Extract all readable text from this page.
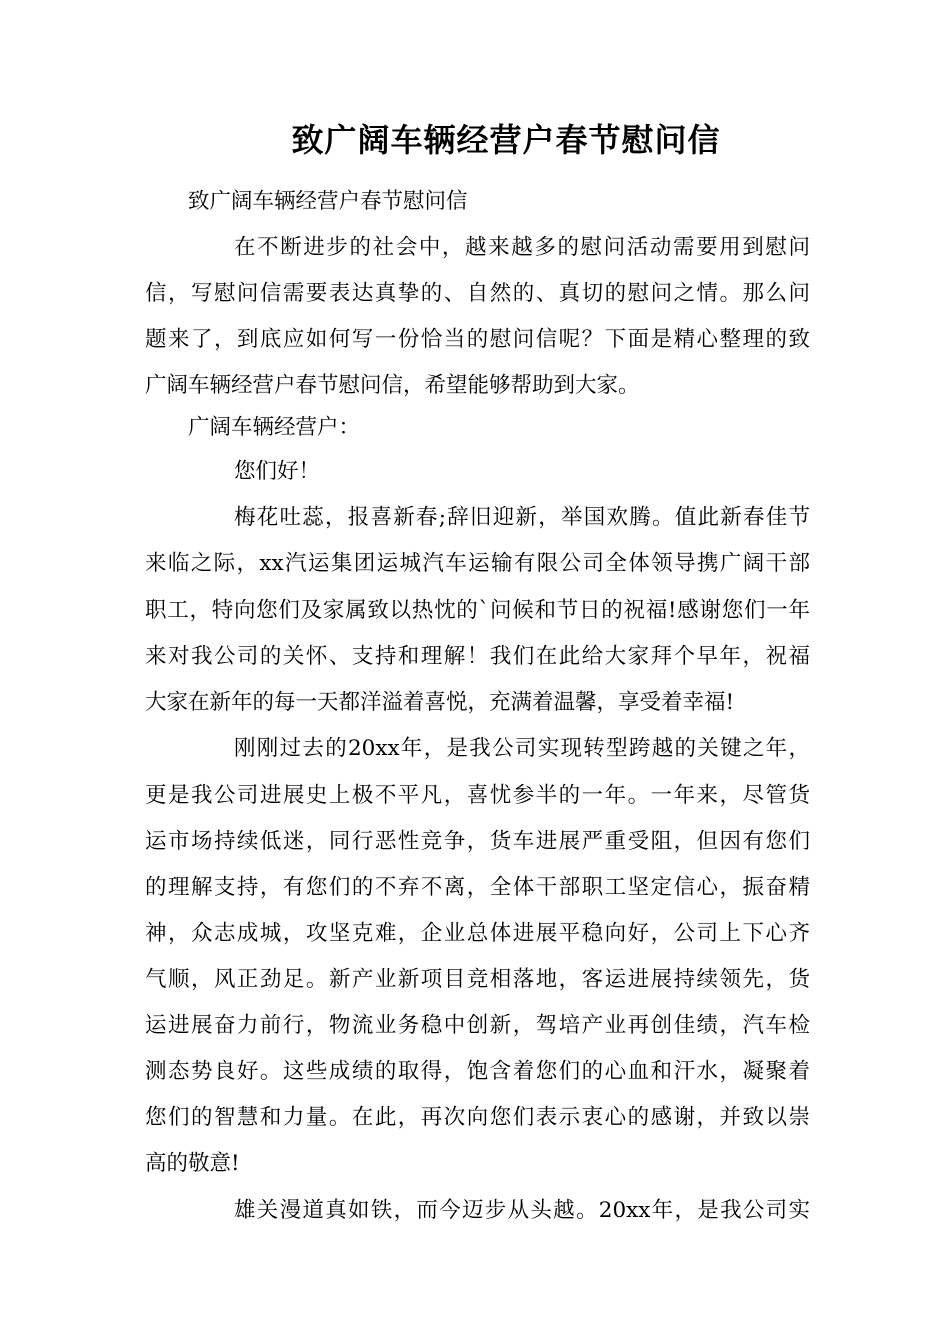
致广阔车辆经营户春节慰问信

致广阔车辆经营户春节慰问信

在不断进步的社会中，越来越多的慰问活动需要用到慰问

信，写慰问信需要表达真挚的、自然的、真切的慰问之情。那么问

题来了，到底应如何写一份恰当的慰问信呢？下面是精心整理的致

广阔车辆经营户春节慰问信，希望能够帮助到大家。

广阔车辆经营户：

您们好！

梅花吐蕊，报喜新春;辞旧迎新，举国欢腾。值此新春佳节

来临之际，xx汽运集团运城汽车运输有限公司全体领导携广阔干部

职工，特向您们及家属致以热忱的`问候和节日的祝福!感谢您们一年

来对我公司的关怀、支持和理解！我们在此给大家拜个早年，祝福

大家在新年的每一天都洋溢着喜悦，充满着温馨，享受着幸福!

刚刚过去的20xx年，是我公司实现转型跨越的关键之年，

更是我公司进展史上极不平凡，喜忧参半的一年。一年来，尽管货

运市场持续低迷，同行恶性竞争，货车进展严重受阻，但因有您们

的理解支持，有您们的不弃不离，全体干部职工坚定信心，振奋精

神，众志成城，攻坚克难，企业总体进展平稳向好，公司上下心齐

气顺，风正劲足。新产业新项目竞相落地，客运进展持续领先，货

运进展奋力前行，物流业务稳中创新，驾培产业再创佳绩，汽车检

测态势良好。这些成绩的取得，饱含着您们的心血和汗水，凝聚着

您们的智慧和力量。在此，再次向您们表示衷心的感谢，并致以崇

高的敬意!

雄关漫道真如铁，而今迈步从头越。20xx年，是我公司实
